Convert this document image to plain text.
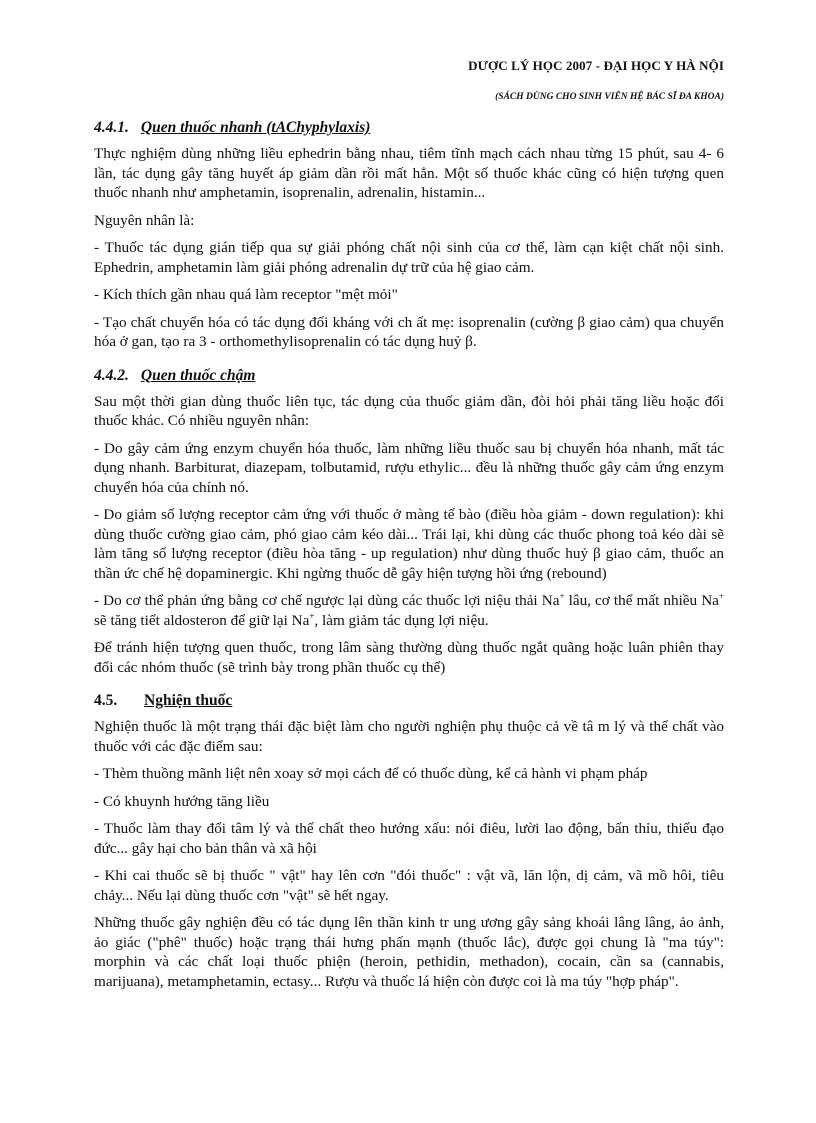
DƯỢC LÝ HỌC 2007 - ĐẠI HỌC Y HÀ NỘI

(SÁCH DÙNG CHO SINH VIÊN HỆ BÁC SĨ ĐA KHOA)

4.4.1. Quen thuốc nhanh (tAChyphylaxis)

Thực nghiệm dùng những liều ephedrin bằng nhau, tiêm tĩnh mạch cách nhau từng 15 phút, sau 4- 6 lần, tác dụng gây tăng huyết áp giảm dần rồi mất hẳn. Một số thuốc khác cũng có hiện tượng quen thuốc nhanh như amphetamin, isoprenalin, adrenalin, histamin...

Nguyên nhân là:

- Thuốc tác dụng gián tiếp qua sự giải phóng chất nội sinh của cơ thể, làm cạn kiệt chất nội sinh. Ephedrin, amphetamin làm giải phóng adrenalin dự trữ của hệ giao cảm.

- Kích thích gần nhau quá làm receptor "mệt mỏi"

- Tạo chất chuyển hóa có tác dụng đối kháng với ch ất mẹ: isoprenalin (cường β giao cảm) qua chuyển hóa ở gan, tạo ra 3 - orthomethylisoprenalin có tác dụng huỷ β.

4.4.2. Quen thuốc chậm

Sau một thời gian dùng thuốc liên tục, tác dụng của thuốc giảm dần, đòi hỏi phải tăng liều hoặc đổi thuốc khác. Có nhiều nguyên nhân:

- Do gây cảm ứng enzym chuyển hóa thuốc, làm những liều thuốc sau bị chuyển hóa nhanh, mất tác dụng nhanh. Barbiturat, diazepam, tolbutamid, rượu ethylic... đều là những thuốc gây cảm ứng enzym chuyển hóa của chính nó.

- Do giảm số lượng receptor cảm ứng với thuốc ở màng tế bào (điều hòa giảm - down regulation): khi dùng thuốc cường giao cảm, phó giao cảm kéo dài... Trái lại, khi dùng các thuốc phong toả kéo dài sẽ làm tăng số lượng receptor (điều hòa tăng - up regulation) như dùng thuốc huỷ β giao cảm, thuốc an thần ức chế hệ dopaminergic. Khi ngừng thuốc dễ gây hiện tượng hồi ứng (rebound)

- Do cơ thể phản ứng bằng cơ chế ngược lại dùng các thuốc lợi niệu thải Na+ lâu, cơ thể mất nhiều Na+ sẽ tăng tiết aldosteron để giữ lại Na+, làm giảm tác dụng lợi niệu.

Để tránh hiện tượng quen thuốc, trong lâm sàng thường dùng thuốc ngắt quãng hoặc luân phiên thay đổi các nhóm thuốc (sẽ trình bày trong phần thuốc cụ thể)

4.5. Nghiện thuốc

Nghiện thuốc là một trạng thái đặc biệt làm cho người nghiện phụ thuộc cả về tâ m lý và thể chất vào thuốc với các đặc điểm sau:

- Thèm thuồng mãnh liệt nên xoay sở mọi cách để có thuốc dùng, kể cả hành vi phạm pháp

- Có khuynh hướng tăng liều

- Thuốc làm thay đổi tâm lý và thể chất theo hướng xấu: nói điêu, lười lao động, bẩn thỉu, thiếu đạo đức... gây hại cho bản thân và xã hội

- Khi cai thuốc sẽ bị thuốc " vật" hay lên cơn "đói thuốc" : vật vã, lăn lộn, dị cảm, vã mồ hôi, tiêu chảy... Nếu lại dùng thuốc cơn "vật" sẽ hết ngay.

Những thuốc gây nghiện đều có tác dụng lên thần kinh tr ung ương gây sảng khoái lâng lâng, ảo ảnh, ảo giác ("phê" thuốc) hoặc trạng thái hưng phấn mạnh (thuốc lắc), được gọi chung là "ma túy": morphin và các chất loại thuốc phiện (heroin, pethidin, methadon), cocain, cần sa (cannabis, marijuana), metamphetamin, ectasy... Rượu và thuốc lá hiện còn được coi là ma túy "hợp pháp".
